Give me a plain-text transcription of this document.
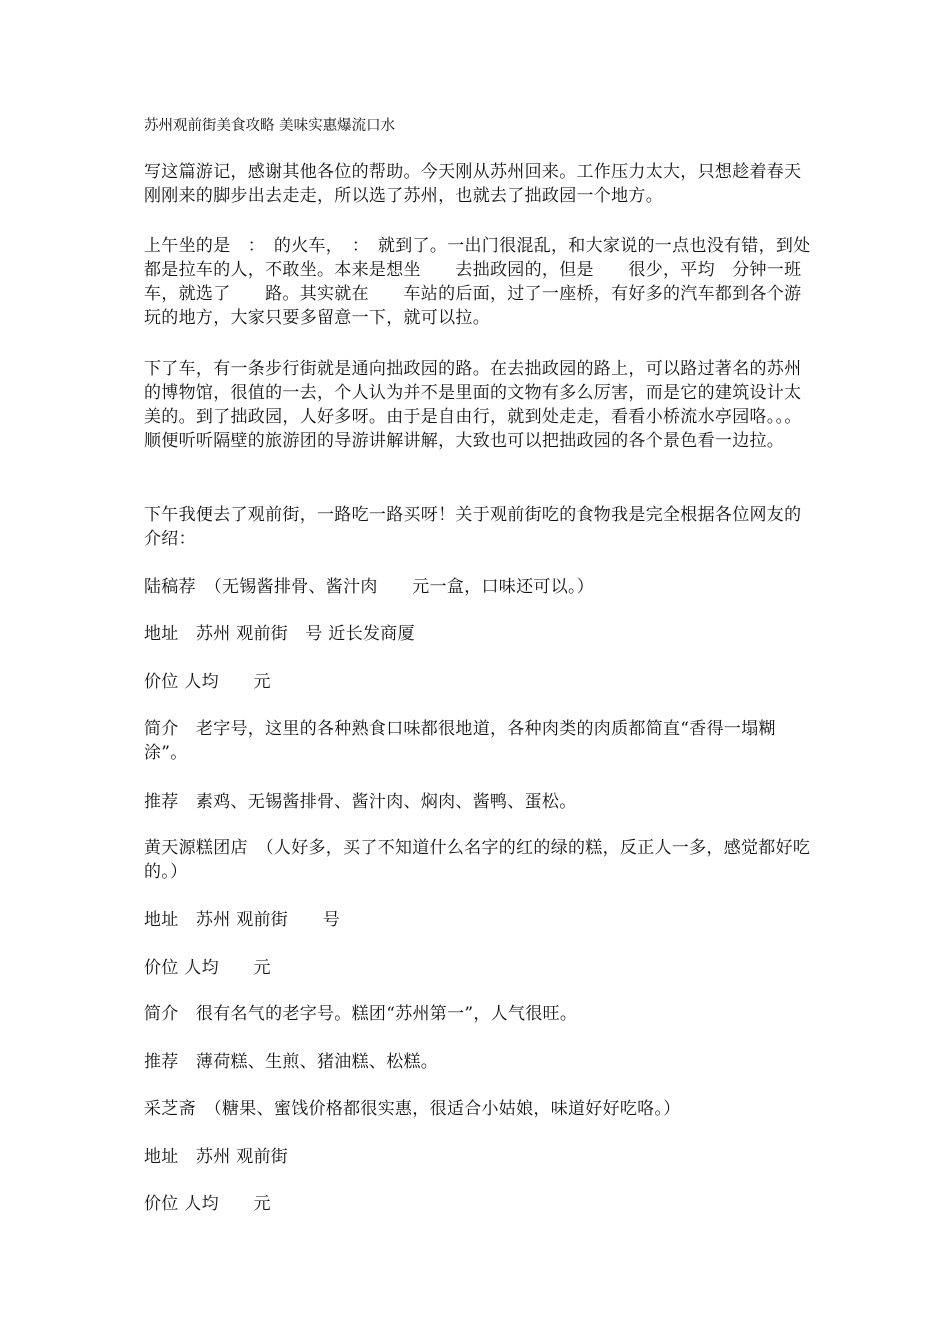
苏州观前街美食攻略 美味实惠爆流口水
写这篇游记，感谢其他各位的帮助。今天刚从苏州回来。工作压力太大，只想趁着春天刚刚来的脚步出去走走，所以选了苏州，也就去了拙政园一个地方。
上午坐的是　：　的火车，　：　就到了。一出门很混乱，和大家说的一点也没有错，到处都是拉车的人，不敢坐。本来是想坐　　去拙政园的，但是　　很少，平均　分钟一班车，就选了　　路。其实就在　　车站的后面，过了一座桥，有好多的汽车都到各个游玩的地方，大家只要多留意一下，就可以拉。
下了车，有一条步行街就是通向拙政园的路。在去拙政园的路上，可以路过著名的苏州的博物馆，很值的一去，个人认为并不是里面的文物有多么厉害，而是它的建筑设计太美的。到了拙政园，人好多呀。由于是自由行，就到处走走，看看小桥流水亭园咯。。。顺便听听隔壁的旅游团的导游讲解讲解，大致也可以把拙政园的各个景色看一边拉。
下午我便去了观前街，一路吃一路买呀！关于观前街吃的食物我是完全根据各位网友的介绍：
陆稿荐　（无锡酱排骨、酱汁肉　　元一盒，口味还可以。）
地址　苏州 观前街　号 近长发商厦
价位 人均　　元
简介　老字号，这里的各种熟食口味都很地道，各种肉类的肉质都简直“香得一塌糊涂”。
推荐　素鸡、无锡酱排骨、酱汁肉、焖肉、酱鸭、蛋松。
黄天源糕团店　（人好多，买了不知道什么名字的红的绿的糕，反正人一多，感觉都好吃的。）
地址　苏州 观前街　　号
价位 人均　　元
简介　很有名气的老字号。糕团“苏州第一”，人气很旺。
推荐　薄荷糕、生煎、猪油糕、松糕。
采芝斋　（糖果、蜜饯价格都很实惠，很适合小姑娘，味道好好吃咯。）
地址　苏州 观前街
价位 人均　　元
